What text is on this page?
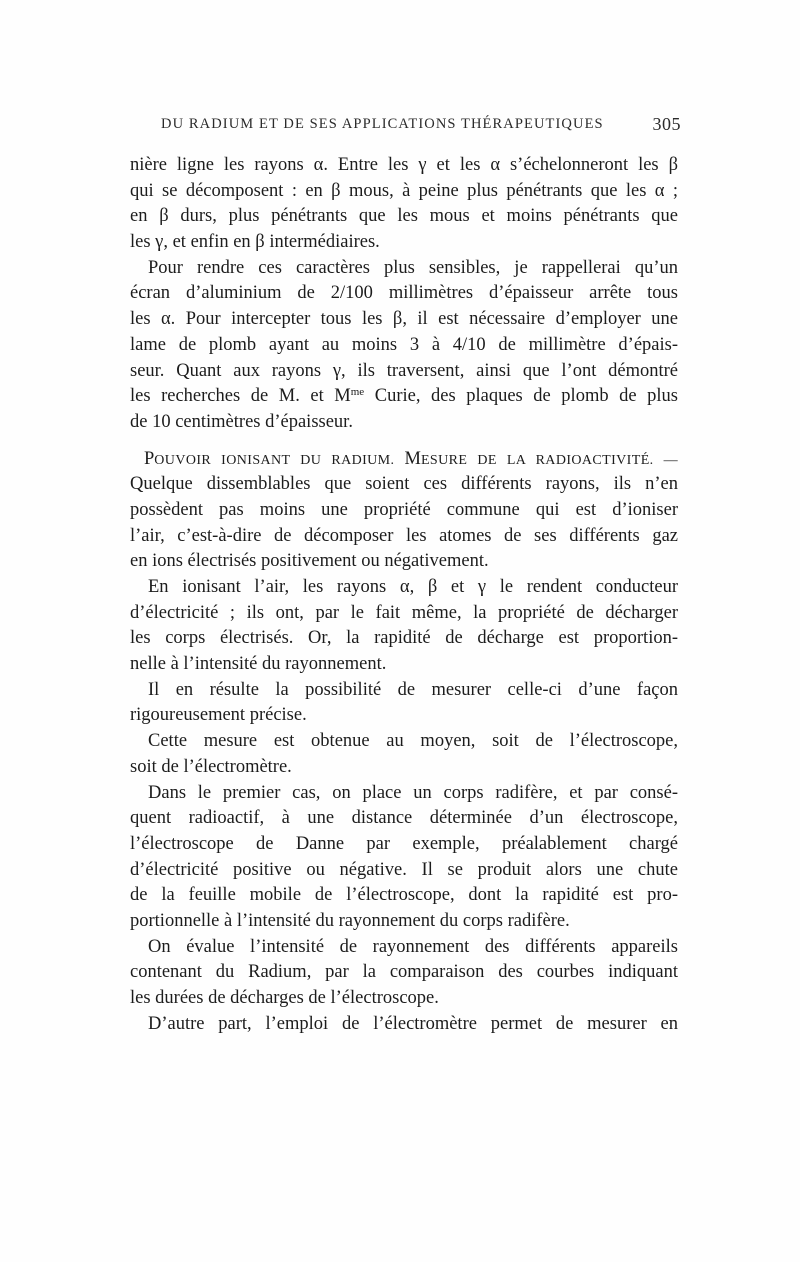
DU RADIUM ET DE SES APPLICATIONS THÉRAPEUTIQUES	305
nière ligne les rayons α. Entre les γ et les α s’échelonneront les β
qui se décomposent : en β mous, à peine plus pénétrants que les α ;
en β durs, plus pénétrants que les mous et moins pénétrants que
les γ, et enfin en β intermédiaires.
Pour rendre ces caractères plus sensibles, je rappellerai qu’un
écran d’aluminium de 2/100 millimètres d’épaisseur arrête tous
les α. Pour intercepter tous les β, il est nécessaire d’employer une
lame de plomb ayant au moins 3 à 4/10 de millimètre d’épais-
seur. Quant aux rayons γ, ils traversent, ainsi que l’ont démontré
les recherches de M. et $M^{me}$ Curie, des plaques de plomb de plus
de 10 centimètres d’épaisseur.
POUVOIR IONISANT DU RADIUM. MESURE DE LA RADIOACTIVITÉ. —
Quelque dissemblables que soient ces différents rayons, ils n’en
possèdent pas moins une propriété commune qui est d’ioniser
l’air, c’est-à-dire de décomposer les atomes de ses différents gaz
en ions électrisés positivement ou négativement.
En ionisant l’air, les rayons α, β et γ le rendent conducteur
d’électricité ; ils ont, par le fait même, la propriété de décharger
les corps électrisés. Or, la rapidité de décharge est proportion-
nelle à l’intensité du rayonnement.
Il en résulte la possibilité de mesurer celle-ci d’une façon
rigoureusement précise.
Cette mesure est obtenue au moyen, soit de l’électroscope,
soit de l’électromètre.
Dans le premier cas, on place un corps radifère, et par consé-
quent radioactif, à une distance déterminée d’un électroscope,
l’électroscope de Danne par exemple, préalablement chargé
d’électricité positive ou négative. Il se produit alors une chute
de la feuille mobile de l’électroscope, dont la rapidité est pro-
portionnelle à l’intensité du rayonnement du corps radifère.
On évalue l’intensité de rayonnement des différents appareils
contenant du Radium, par la comparaison des courbes indiquant
les durées de décharges de l’électroscope.
D’autre part, l’emploi de l’électromètre permet de mesurer en
